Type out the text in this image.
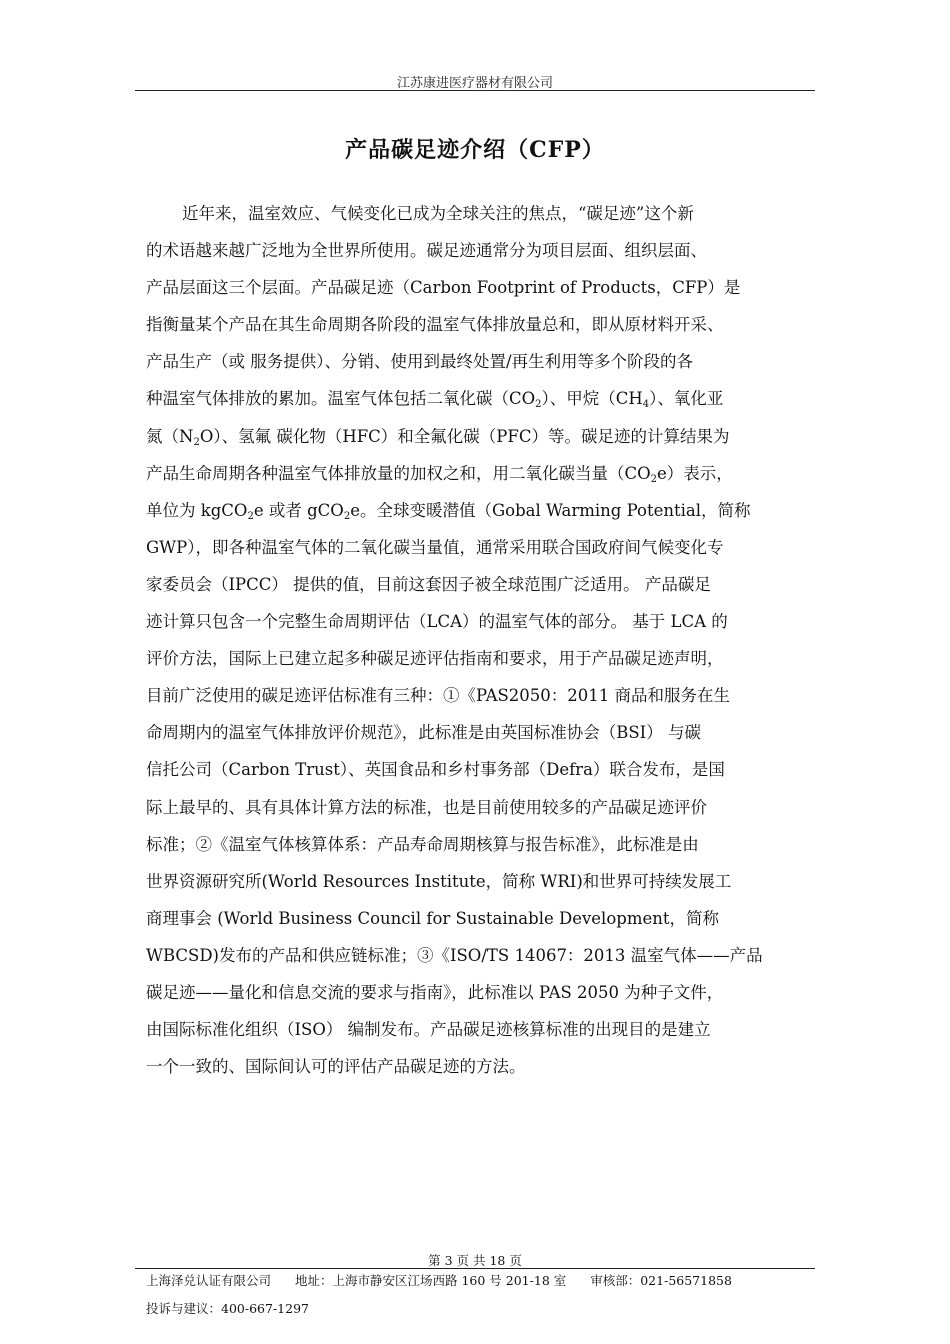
江苏康进医疗器材有限公司
产品碳足迹介绍（CFP）
近年来，温室效应、气候变化已成为全球关注的焦点，“碳足迹”这个新
的术语越来越广泛地为全世界所使用。碳足迹通常分为项目层面、组织层面、
产品层面这三个层面。产品碳足迹（Carbon Footprint of Products，CFP）是
指衡量某个产品在其生命周期各阶段的温室气体排放量总和，即从原材料开采、
产品生产（或 服务提供）、分销、使用到最终处置/再生利用等多个阶段的各
种温室气体排放的累加。温室气体包括二氧化碳$(CO_2)$、甲烷$(CH_4)$、氧化亚
氮$(N_2O)$、氢氟 碳化物（HFC）和全氟化碳（PFC）等。碳足迹的计算结果为
产品生命周期各种温室气体排放量的加权之和，用二氧化碳当量$(CO_2e)$表示，
单位为 kgCO$_2$e 或者 gCO$_2$e。全球变暖潜值（Gobal Warming Potential，简称
GWP），即各种温室气体的二氧化碳当量值，通常采用联合国政府间气候变化专
家委员会（IPCC） 提供的值，目前这套因子被全球范围广泛适用。 产品碳足
迹计算只包含一个完整生命周期评估（LCA）的温室气体的部分。 基于 LCA 的
评价方法，国际上已建立起多种碳足迹评估指南和要求，用于产品碳足迹声明，
目前广泛使用的碳足迹评估标准有三种：①《PAS2050：2011 商品和服务在生
命周期内的温室气体排放评价规范》，此标准是由英国标准协会（BSI） 与碳
信托公司（Carbon Trust）、英国食品和乡村事务部（Defra）联合发布，是国
际上最早的、具有具体计算方法的标准，也是目前使用较多的产品碳足迹评价
标准；②《温室气体核算体系：产品寿命周期核算与报告标准》，此标准是由
世界资源研究所(World Resources Institute，简称 WRI)和世界可持续发展工
商理事会 (World Business Council for Sustainable Development，简称
WBCSD)发布的产品和供应链标准；③《ISO/TS 14067：2013 温室气体——产品
碳足迹——量化和信息交流的要求与指南》，此标准以 PAS 2050 为种子文件，
由国际标准化组织（ISO） 编制发布。产品碳足迹核算标准的出现目的是建立
一个一致的、国际间认可的评估产品碳足迹的方法。
第 3 页 共 18 页
上海泽兑认证有限公司 地址：上海市静安区江场西路 160 号 201-18 室 审核部：021-56571858
投诉与建议：400-667-1297
